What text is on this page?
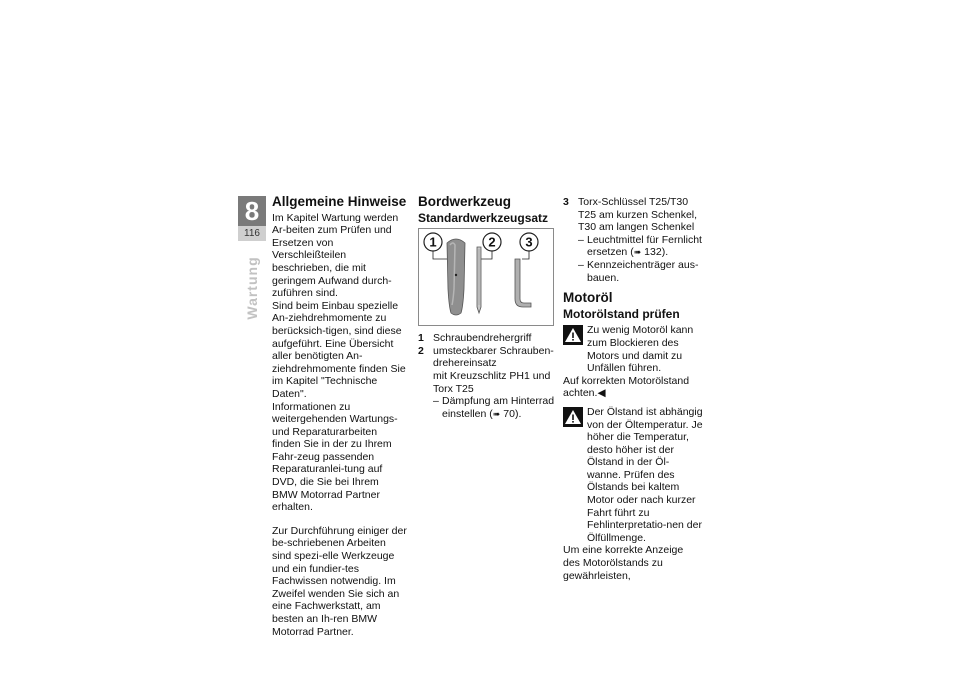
8
116
Wartung
Allgemeine Hinweise

Im Kapitel Wartung werden Ar-beiten zum Prüfen und Ersetzen von Verschleißteilen beschrieben, die mit geringem Aufwand durch-zuführen sind.

Sind beim Einbau spezielle An-ziehdrehmomente zu berücksich-tigen, sind diese aufgeführt. Eine Übersicht aller benötigten An-ziehdrehmomente finden Sie im Kapitel "Technische Daten".

Informationen zu weitergehenden Wartungs- und Reparaturarbeiten finden Sie in der zu Ihrem Fahr-zeug passenden Reparaturanlei-tung auf DVD, die Sie bei Ihrem BMW Motorrad Partner erhalten.

Zur Durchführung einiger der be-schriebenen Arbeiten sind spezi-elle Werkzeuge und ein fundier-tes Fachwissen notwendig. Im Zweifel wenden Sie sich an eine Fachwerkstatt, am besten an Ih-ren BMW Motorrad Partner.

Bordwerkzeug
Standardwerkzeugsatz
1	2 3
1 Schraubendrehergriff
2 umsteckbarer Schrauben-drehereinsatz
mit Kreuzschlitz PH1 und Torx T25
– Dämpfung am Hinterrad einstellen (➠ 70).
3 Torx-Schlüssel T25/T30
T25 am kurzen Schenkel, T30 am langen Schenkel
– Leuchtmittel für Fernlicht ersetzen (➠ 132).
– Kennzeichenträger aus-bauen.
Motoröl
Motorölstand prüfen

Zu wenig Motoröl kann zum Blockieren des Motors und damit zu Unfällen führen.

Auf korrekten Motorölstand achten.◀

Der Ölstand ist abhängig von der Öltemperatur. Je höher die Temperatur, desto höher ist der Ölstand in der Öl-wanne. Prüfen des Ölstands bei kaltem Motor oder nach kurzer Fahrt führt zu Fehlinterpretatio-nen der Ölfüllmenge.

Um eine korrekte Anzeige des Motorölstands zu gewährleisten,
